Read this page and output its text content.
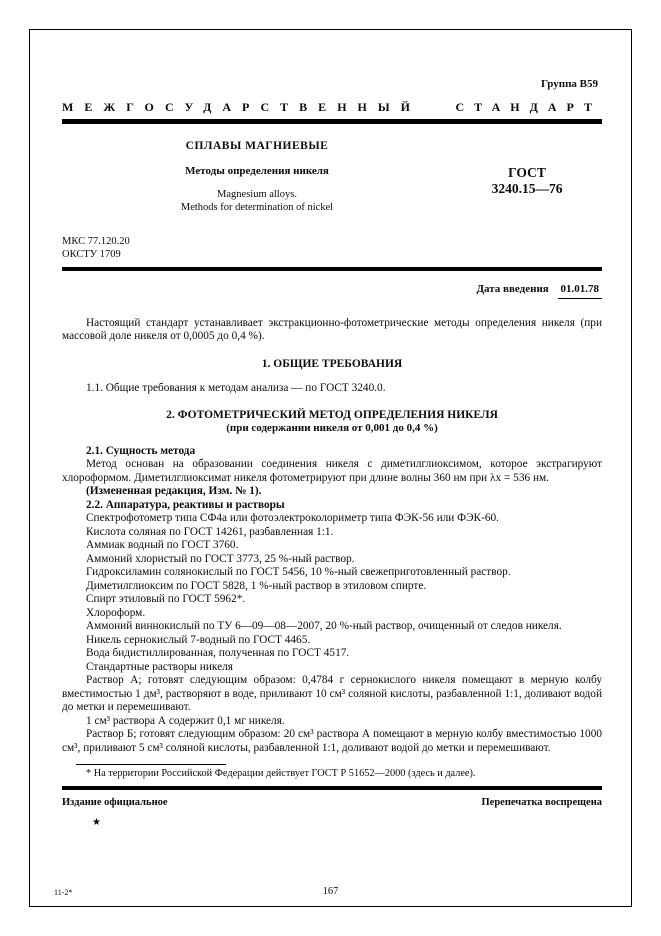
Группа В59
МЕЖГОСУДАРСТВЕННЫЙ	СТАНДАРТ
СПЛАВЫ МАГНИЕВЫЕ
Методы определения никеля
Magnesium alloys.
Methods for determination of nickel
ГОСТ
3240.15—76
МКС 77.120.20
ОКСТУ 1709
Дата введения 01.01.78

Настоящий стандарт устанавливает экстракционно-фотометрические методы определения никеля (при массовой доле никеля от 0,0005 до 0,4 %).

1. ОБЩИЕ ТРЕБОВАНИЯ

1.1. Общие требования к методам анализа — по ГОСТ 3240.0.

2. ФОТОМЕТРИЧЕСКИЙ МЕТОД ОПРЕДЕЛЕНИЯ НИКЕЛЯ
(при содержании никеля от 0,001 до 0,4 %)
2.1. Сущность метода

Метод основан на образовании соединения никеля с диметилглиоксимом, которое экстрагируют хлороформом. Диметилглиоксимат никеля фотометрируют при длине волны 360 нм при λх = 536 нм.

(Измененная редакция, Изм. № 1).
2.2. Аппаратура, реактивы и растворы

Спектрофотометр типа СФ4а или фотоэлектроколориметр типа ФЭК-56 или ФЭК-60.

Кислота соляная по ГОСТ 14261, разбавленная 1:1.

Аммиак водный по ГОСТ 3760.

Аммоний хлористый по ГОСТ 3773, 25 %-ный раствор.

Гидроксиламин солянокислый по ГОСТ 5456, 10 %-ный свежеприготовленный раствор.

Диметилглиоксим по ГОСТ 5828, 1 %-ный раствор в этиловом спирте.

Спирт этиловый по ГОСТ 5962*.

Хлороформ.

Аммоний виннокислый по ТУ 6—09—08—2007, 20 %-ный раствор, очищенный от следов никеля.

Никель сернокислый 7-водный по ГОСТ 4465.

Вода бидистиллированная, полученная по ГОСТ 4517.

Стандартные растворы никеля

Раствор А; готовят следующим образом: 0,4784 г сернокислого никеля помещают в мерную колбу вместимостью 1 дм³, растворяют в воде, приливают 10 см³ соляной кислоты, разбавленной 1:1, доливают водой до метки и перемешивают.

1 см³ раствора А содержит 0,1 мг никеля.

Раствор Б; готовят следующим образом: 20 см³ раствора А помещают в мерную колбу вместимостью 1000 см³, приливают 5 см³ соляной кислоты, разбавленной 1:1, доливают водой до метки и перемешивают.

* На территории Российской Федерации действует ГОСТ Р 51652—2000 (здесь и далее).
Издание официальное	Перепечатка воспрещена
★
11-2*	167
